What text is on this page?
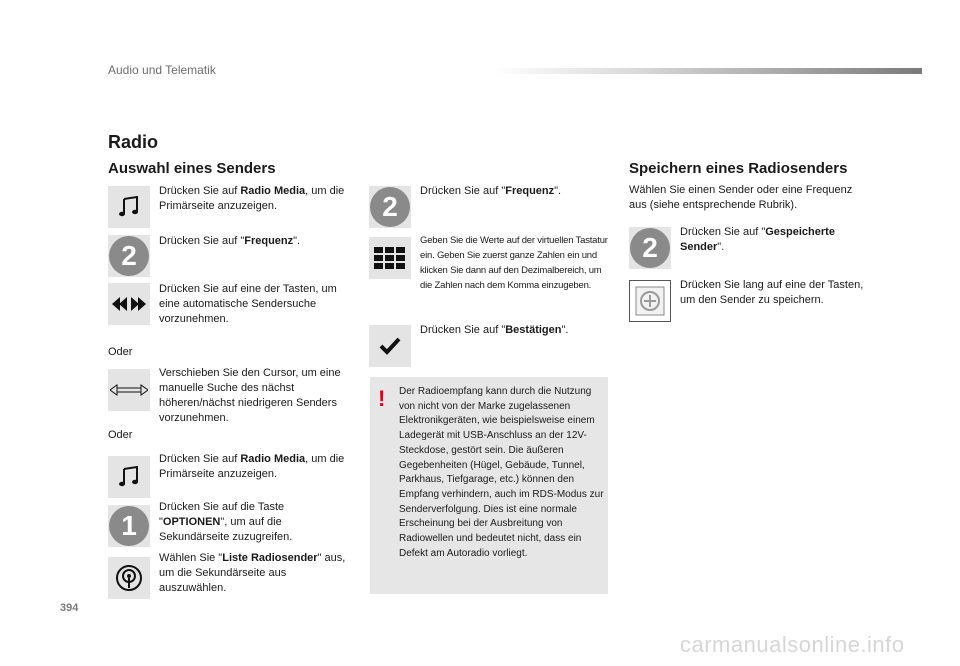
Audio und Telematik
Radio
Auswahl eines Senders
Drücken Sie auf Radio Media, um die Primärseite anzuzeigen.
2	Drücken Sie auf "Frequenz".
Drücken Sie auf eine der Tasten, um eine automatische Sendersuche vorzunehmen.
Oder
Verschieben Sie den Cursor, um eine manuelle Suche des nächst höheren/nächst niedrigeren Senders vorzunehmen.
Oder
Drücken Sie auf Radio Media, um die Primärseite anzuzeigen.
1
Drücken Sie auf die Taste "OPTIONEN", um auf die Sekundärseite zuzugreifen.
Wählen Sie "Liste Radiosender" aus, um die Sekundärseite aus auszuwählen.
2	Drücken Sie auf "Frequenz".
Geben Sie die Werte auf der virtuellen Tastatur ein. Geben Sie zuerst ganze Zahlen ein und klicken Sie dann auf den Dezimalbereich, um die Zahlen nach dem Komma einzugeben.
Drücken Sie auf "Bestätigen".
! Der Radioempfang kann durch die Nutzung von nicht von der Marke zugelassenen Elektronikgeräten, wie beispielsweise einem Ladegerät mit USB-Anschluss an der 12V-Steckdose, gestört sein. Die äußeren Gegebenheiten (Hügel, Gebäude, Tunnel, Parkhaus, Tiefgarage, etc.) können den Empfang verhindern, auch im RDS-Modus zur Senderverfolgung. Dies ist eine normale Erscheinung bei der Ausbreitung von Radiowellen und bedeutet nicht, dass ein Defekt am Autoradio vorliegt.
Speichern eines Radiosenders
Wählen Sie einen Sender oder eine Frequenz aus (siehe entsprechende Rubrik).
2	Drücken Sie auf "Gespeicherte Sender".
Drücken Sie lang auf eine der Tasten, um den Sender zu speichern.
394
carmanualsonline.info
